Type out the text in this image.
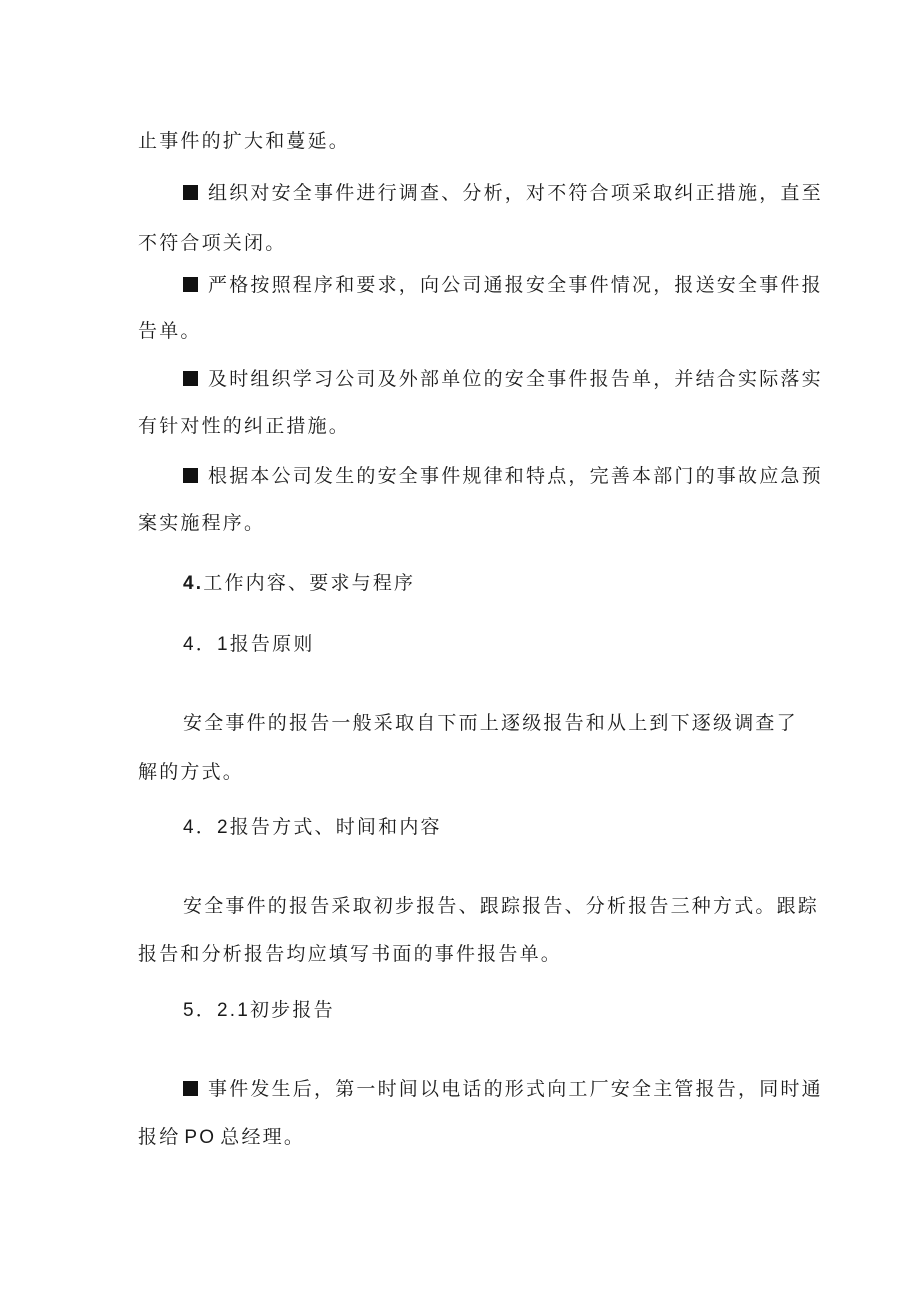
止事件的扩大和蔓延。
组织对安全事件进行调查、分析，对不符合项采取纠正措施，直至
不符合项关闭。
严格按照程序和要求，向公司通报安全事件情况，报送安全事件报
告单。
及时组织学习公司及外部单位的安全事件报告单，并结合实际落实
有针对性的纠正措施。
根据本公司发生的安全事件规律和特点，完善本部门的事故应急预
案实施程序。
4.工作内容、要求与程序
4．1报告原则
安全事件的报告一般采取自下而上逐级报告和从上到下逐级调查了
解的方式。
4．2报告方式、时间和内容
安全事件的报告采取初步报告、跟踪报告、分析报告三种方式。跟踪
报告和分析报告均应填写书面的事件报告单。
5．2.1初步报告
事件发生后，第一时间以电话的形式向工厂安全主管报告，同时通
报给 PO 总经理。
